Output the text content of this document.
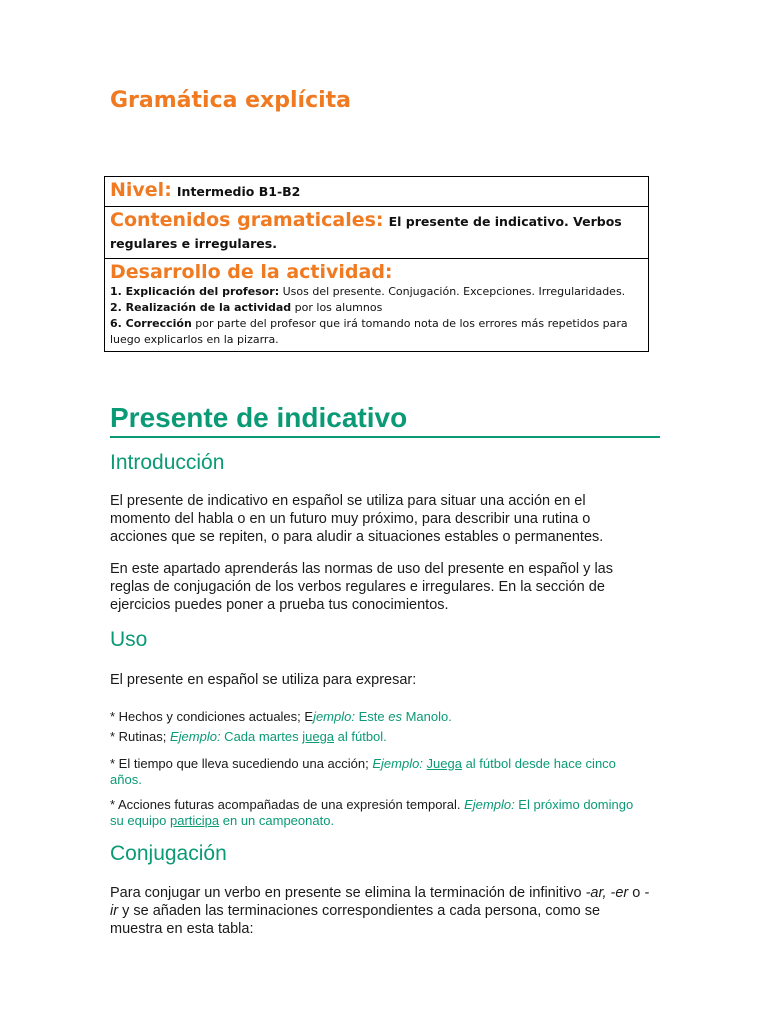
Gramática explícita
Nivel: Intermedio B1-B2
Contenidos gramaticales: El presente de indicativo. Verbos regulares e irregulares.

Desarrollo de la actividad:
1. Explicación del profesor: Usos del presente. Conjugación. Excepciones. Irregularidades.
2. Realización de la actividad por los alumnos
6. Corrección por parte del profesor que irá tomando nota de los errores más repetidos para luego explicarlos en la pizarra.
Presente de indicativo
Introducción

El presente de indicativo en español se utiliza para situar una acción en el momento del habla o en un futuro muy próximo, para describir una rutina o acciones que se repiten, o para aludir a situaciones estables o permanentes.

En este apartado aprenderás las normas de uso del presente en español y las reglas de conjugación de los verbos regulares e irregulares. En la sección de ejercicios puedes poner a prueba tus conocimientos.

Uso

El presente en español se utiliza para expresar:

* Hechos y condiciones actuales; Ejemplo: Este es Manolo.

* Rutinas; Ejemplo: Cada martes juega al fútbol.

* El tiempo que lleva sucediendo una acción; Ejemplo: Juega al fútbol desde hace cinco años.

* Acciones futuras acompañadas de una expresión temporal. Ejemplo: El próximo domingo su equipo participa en un campeonato.

Conjugación

Para conjugar un verbo en presente se elimina la terminación de infinitivo -ar, -er o -ir y se añaden las terminaciones correspondientes a cada persona, como se muestra en esta tabla:
